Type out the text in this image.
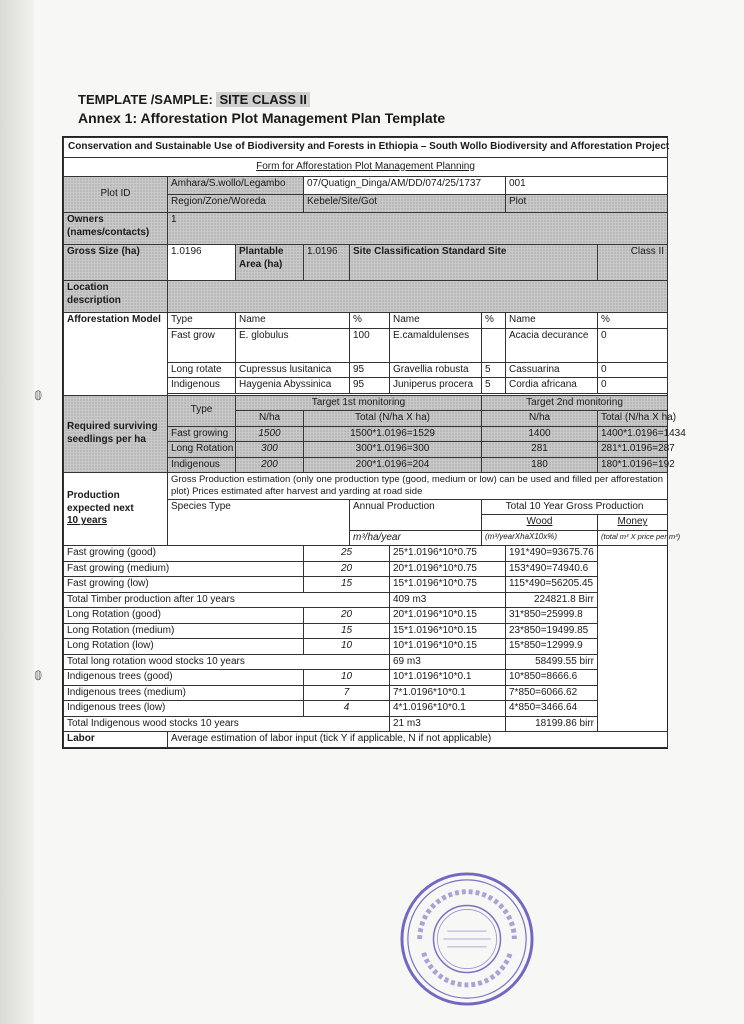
𝟘
𝟘
TEMPLATE /SAMPLE: SITE CLASS II
Annex 1: Afforestation Plot Management Plan Template
Conservation and Sustainable Use of Biodiversity and Forests in Ethiopia – South Wollo Biodiversity and Afforestation Project								
Form for Afforestation Plot Management Planning								
Plot ID	Amhara/S.wollo/Legambo		07/Quatign_Dinga/AM/DD/074/25/1737				001	
	Region/Zone/Woreda		Kebele/Site/Got				Plot	
Owners (names/contacts)	1							
Gross Size (ha)	1.0196	Plantable Area (ha)	1.0196	Site Classification Standard Site				Class II
Location description								
Afforestation Model	Type	Name		%	Name	%	Name	%
	Fast grow	E. globulus		100	E.camaldulenses		Acacia decurance	0
	Long rotate	Cupressus lusitanica		95	Gravellia robusta	5	Cassuarina	0
	Indigenous	Haygenia Abyssinica		95	Juniperus procera	5	Cordia africana	0

Required surviving seedlings per ha	Type	Target 1st monitoring				Target 2nd monitoring		
		N/ha	Total (N/ha X ha)			N/ha		Total (N/ha X ha)
	Fast growing	1500	1500*1.0196=1529			1400		1400*1.0196=1434
	Long Rotation	300	300*1.0196=300			281		281*1.0196=287
	Indigenous	200	200*1.0196=204			180		180*1.0196=192
Production expected next
10 years	Gross Production estimation (only one production type (good, medium or low) can be used and filled per afforestation plot) Prices estimated after harvest and yarding at road side							
	Species Type			Annual Production		Total 10 Year Gross Production		
						Wood		Money
				m³/ha/year		(m³/yearXhaX10x%)		(total m³ X price per m³)
Fast growing (good)			25		25*1.0196*10*0.75		191*490=93675.76	
Fast growing (medium)			20		20*1.0196*10*0.75		153*490=74940.6	
Fast growing (low)			15		15*1.0196*10*0.75		115*490=56205.45	
Total Timber production after 10 years					409 m3		224821.8 Birr	
Long Rotation (good)			20		20*1.0196*10*0.15		31*850=25999.8	
Long Rotation (medium)			15		15*1.0196*10*0.15		23*850=19499.85	
Long Rotation (low)			10		10*1.0196*10*0.15		15*850=12999.9	
Total long rotation wood stocks 10 years					69 m3		58499.55 birr	
Indigenous trees (good)			10		10*1.0196*10*0.1		10*850=8666.6	
Indigenous trees (medium)			7		7*1.0196*10*0.1		7*850=6066.62	
Indigenous trees (low)			4		4*1.0196*10*0.1		4*850=3466.64	
Total Indigenous wood stocks 10 years					21 m3		18199.86 birr	
Labor	Average estimation of labor input (tick Y if applicable, N if not applicable)							
